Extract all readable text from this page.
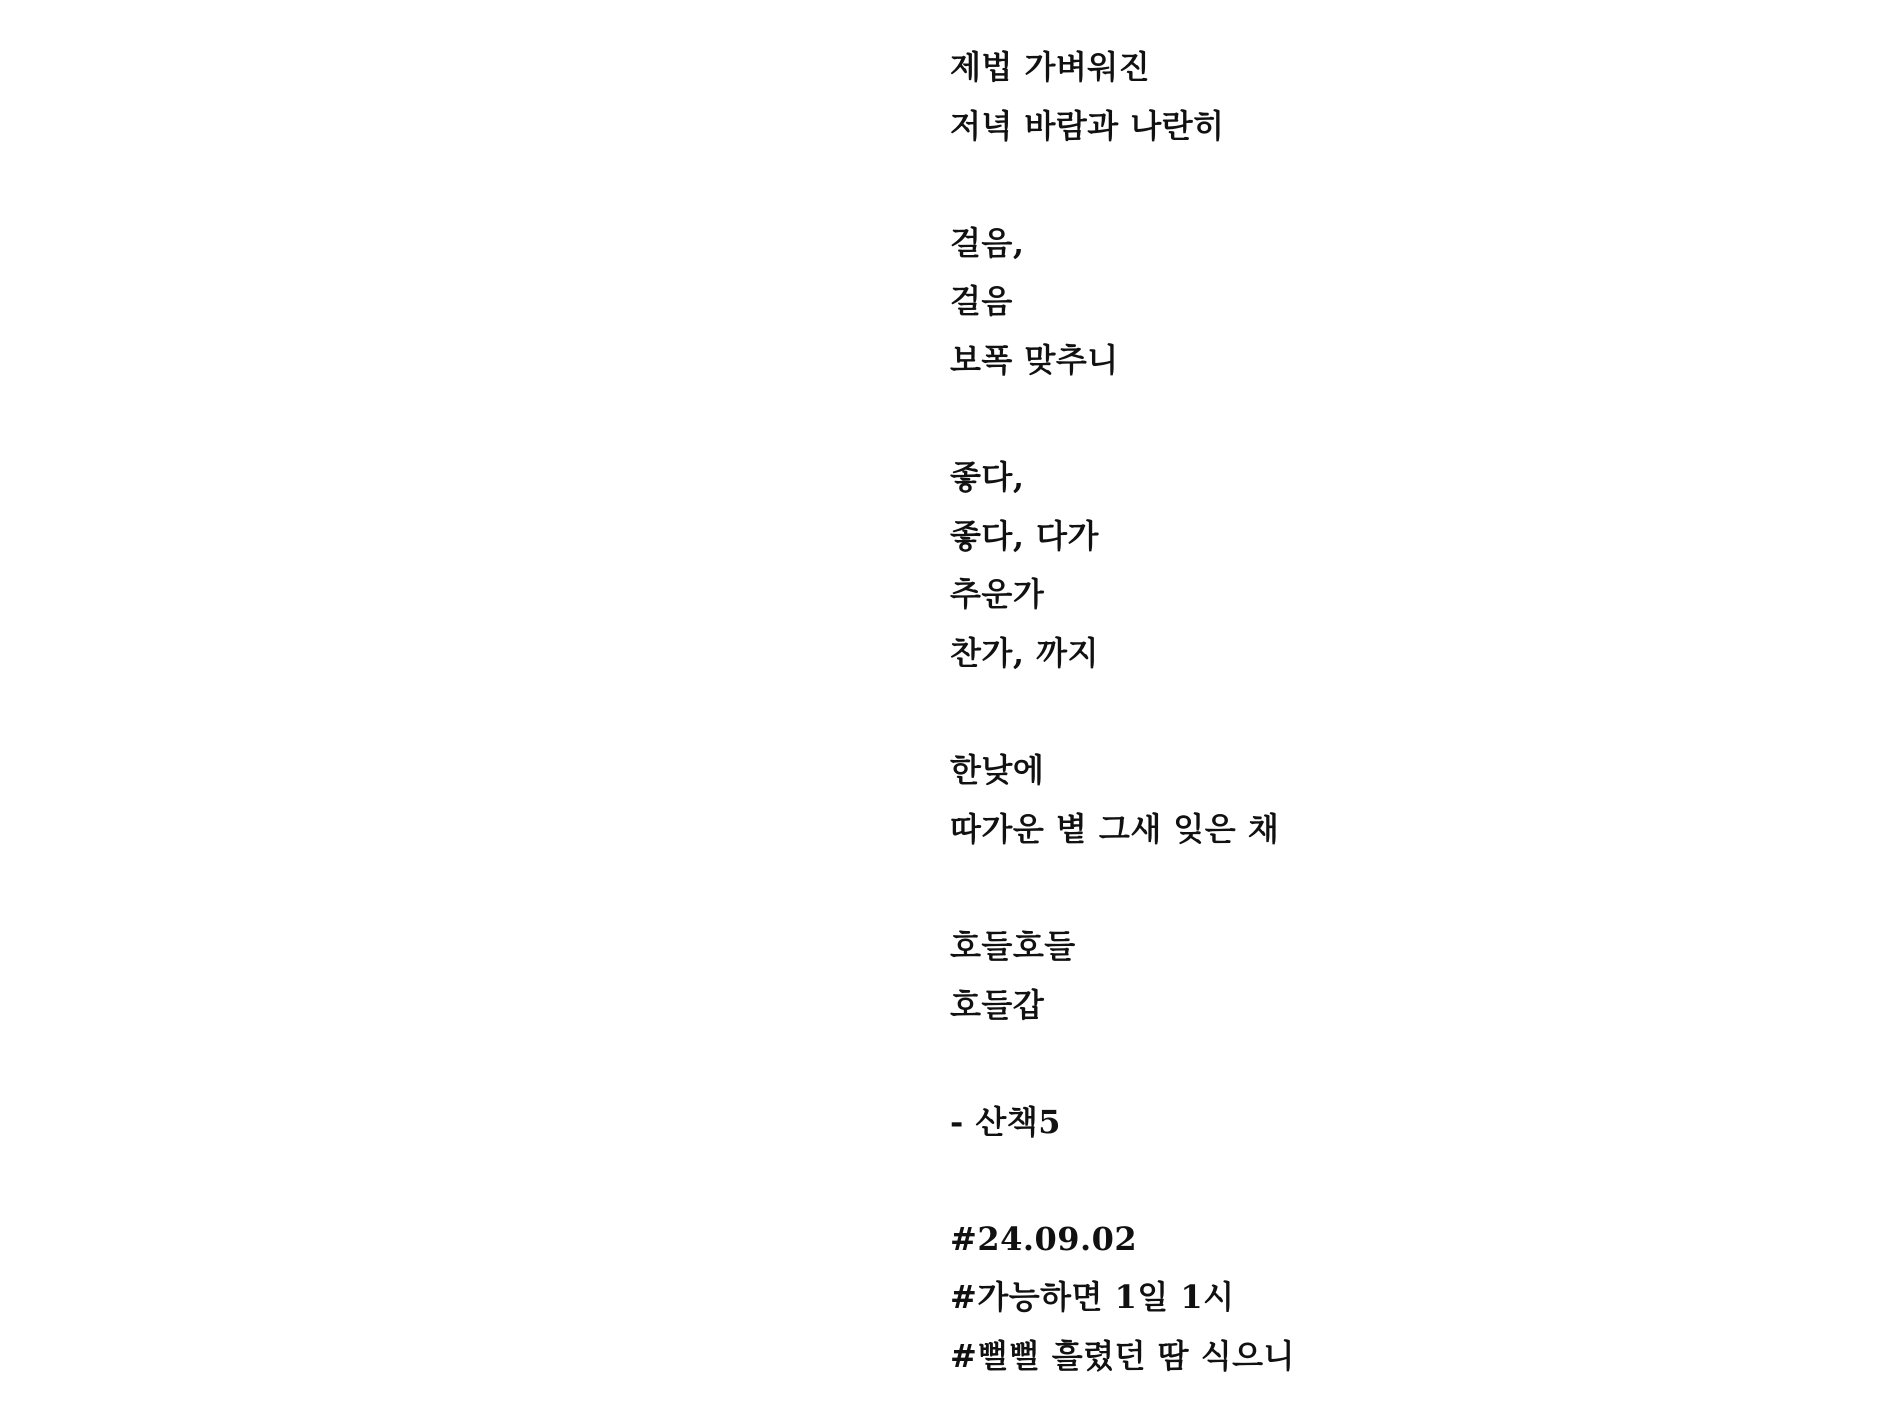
제법 가벼워진
저녁 바람과 나란히
걸음,
걸음
보폭 맞추니
좋다,
좋다, 다가
추운가
찬가, 까지
한낮에
따가운 볕 그새 잊은 채
호들호들
호들갑
- 산책5
#24.09.02
#가능하면 1일 1시
#뻘뻘 흘렸던 땀 식으니
